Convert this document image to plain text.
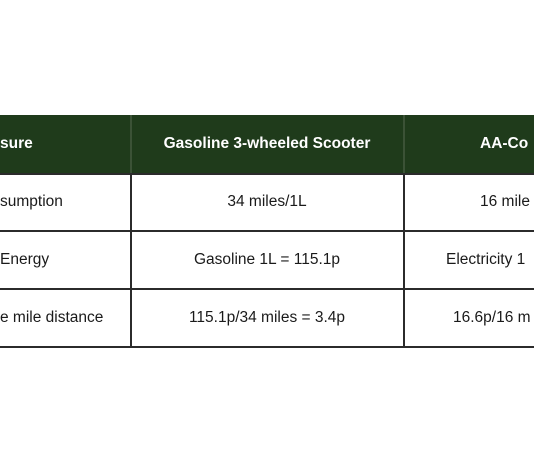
sure	Gasoline 3-wheeled Scooter	AA-Co
sumption	34 miles/1L	16 mile
Energy	Gasoline 1L = 115.1p	Electricity 1
e mile distance	115.1p/34 miles = 3.4p	16.6p/16 m
